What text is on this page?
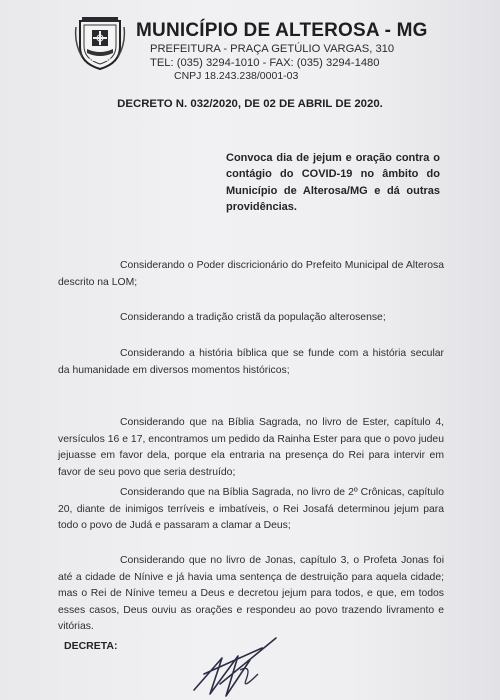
ALTEROSA
MUNICÍPIO DE ALTEROSA - MG
PREFEITURA - PRAÇA GETÚLIO VARGAS, 310
TEL: (035) 3294-1010 - FAX: (035) 3294-1480
CNPJ 18.243.238/0001-03
DECRETO N. 032/2020, DE 02 DE ABRIL DE 2020.
Convoca dia de jejum e oração contra o contágio do COVID-19 no âmbito do Município de Alterosa/MG e dá outras providências.
Considerando o Poder discricionário do Prefeito Municipal de Alterosa descrito na LOM;
Considerando a tradição cristã da população alterosense;
Considerando a história bíblica que se funde com a história secular da humanidade em diversos momentos históricos;
Considerando que na Bíblia Sagrada, no livro de Ester, capítulo 4, versículos 16 e 17, encontramos um pedido da Rainha Ester para que o povo judeu jejuasse em favor dela, porque ela entraria na presença do Rei para intervir em favor de seu povo que seria destruído;
Considerando que na Bíblia Sagrada, no livro de 2º Crônicas, capítulo 20, diante de inimigos terríveis e imbatíveis, o Rei Josafá determinou jejum para todo o povo de Judá e passaram a clamar a Deus;
Considerando que no livro de Jonas, capítulo 3, o Profeta Jonas foi até a cidade de Nínive e já havia uma sentença de destruição para aquela cidade; mas o Rei de Nínive temeu a Deus e decretou jejum para todos, e que, em todos esses casos, Deus ouviu as orações e respondeu ao povo trazendo livramento e vitórias.
DECRETA:
